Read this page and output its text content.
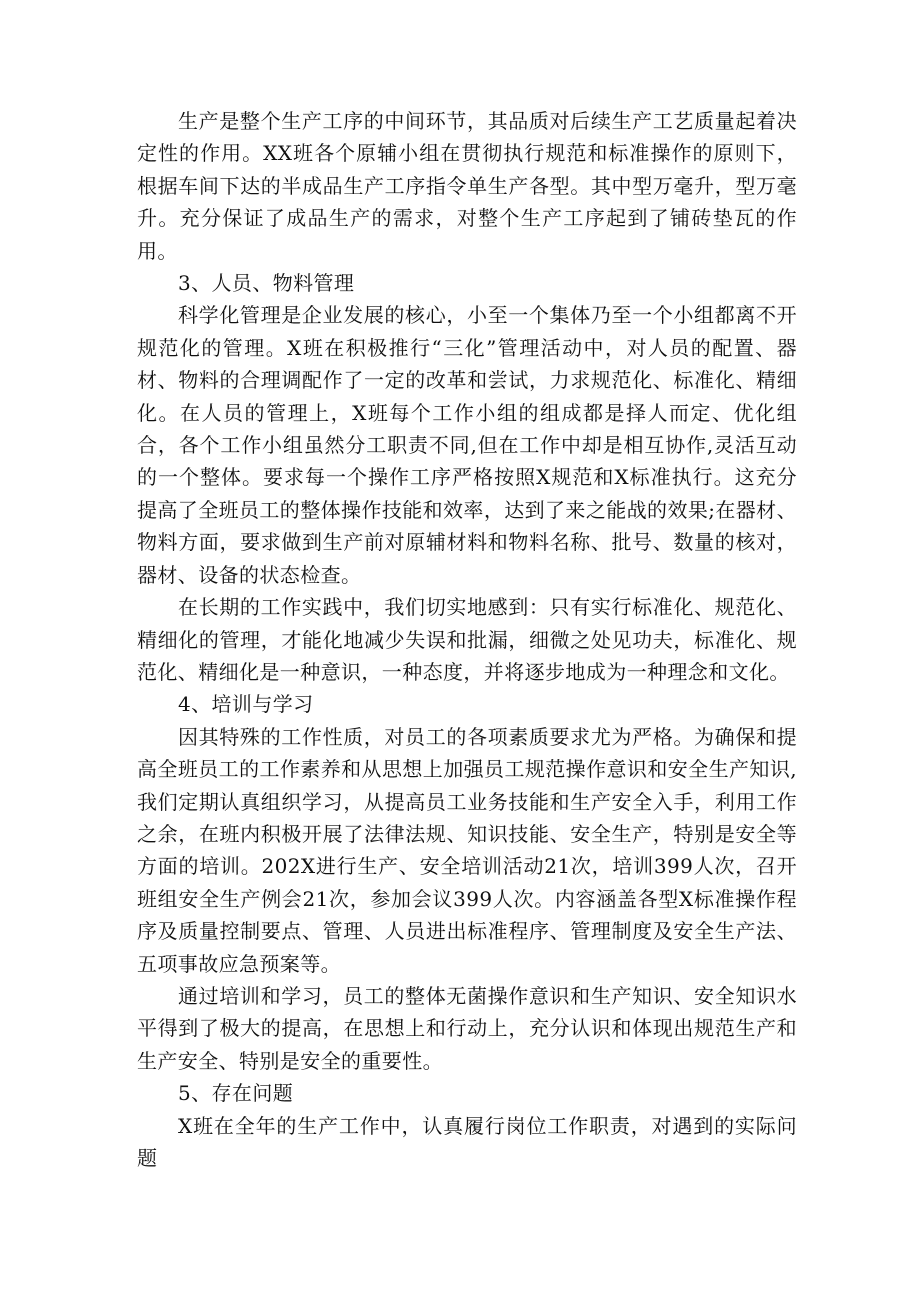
生产是整个生产工序的中间环节，其品质对后续生产工艺质量起着决定性的作用。XX班各个原辅小组在贯彻执行规范和标准操作的原则下，根据车间下达的半成品生产工序指令单生产各型。其中型万毫升，型万毫升。充分保证了成品生产的需求，对整个生产工序起到了铺砖垫瓦的作用。

3、人员、物料管理

科学化管理是企业发展的核心，小至一个集体乃至一个小组都离不开规范化的管理。X班在积极推行“三化”管理活动中，对人员的配置、器材、物料的合理调配作了一定的改革和尝试，力求规范化、标准化、精细化。在人员的管理上，X班每个工作小组的组成都是择人而定、优化组合，各个工作小组虽然分工职责不同,但在工作中却是相互协作,灵活互动的一个整体。要求每一个操作工序严格按照X规范和X标准执行。这充分提高了全班员工的整体操作技能和效率，达到了来之能战的效果;在器材、物料方面，要求做到生产前对原辅材料和物料名称、批号、数量的核对，器材、设备的状态检查。

在长期的工作实践中，我们切实地感到：只有实行标准化、规范化、精细化的管理，才能化地减少失误和批漏，细微之处见功夫，标准化、规范化、精细化是一种意识，一种态度，并将逐步地成为一种理念和文化。

4、培训与学习

因其特殊的工作性质，对员工的各项素质要求尤为严格。为确保和提高全班员工的工作素养和从思想上加强员工规范操作意识和安全生产知识,我们定期认真组织学习，从提高员工业务技能和生产安全入手，利用工作之余，在班内积极开展了法律法规、知识技能、安全生产，特别是安全等方面的培训。202X进行生产、安全培训活动21次，培训399人次，召开班组安全生产例会21次，参加会议399人次。内容涵盖各型X标准操作程序及质量控制要点、管理、人员进出标准程序、管理制度及安全生产法、五项事故应急预案等。

通过培训和学习，员工的整体无菌操作意识和生产知识、安全知识水平得到了极大的提高，在思想上和行动上，充分认识和体现出规范生产和生产安全、特别是安全的重要性。

5、存在问题

X班在全年的生产工作中，认真履行岗位工作职责，对遇到的实际问题
